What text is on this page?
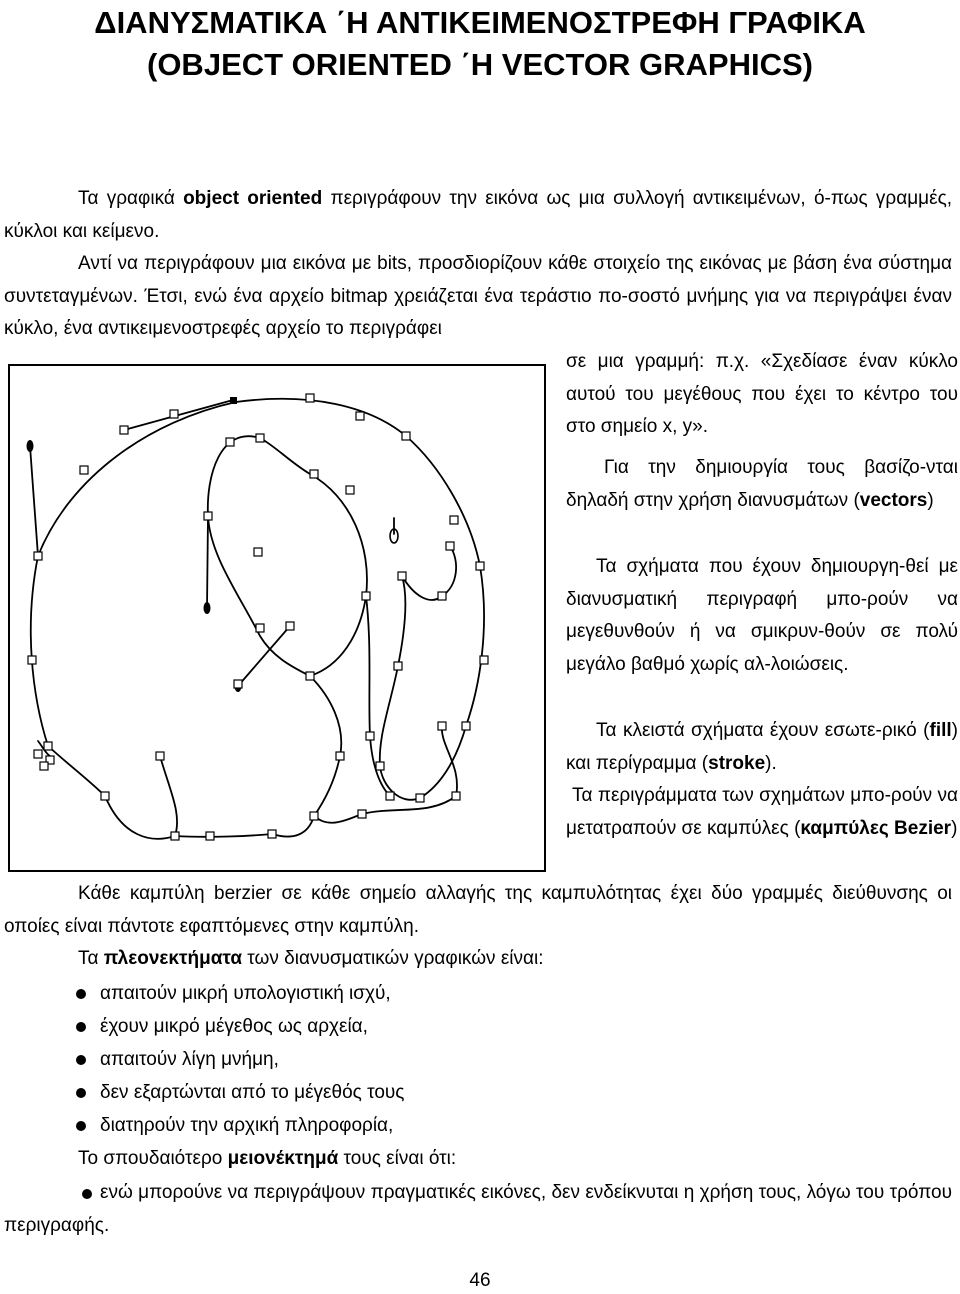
ΔΙΑΝΥΣΜΑΤΙΚΑ ΄Η ΑΝΤΙΚΕΙΜΕΝΟΣΤΡΕΦΗ ΓΡΑΦΙΚΑ
(OBJECT ORIENTED ΄Η VECTOR GRAPHICS)

Τα γραφικά object oriented περιγράφουν την εικόνα ως μια συλλογή αντικειμένων, ό-πως γραμμές, κύκλοι και κείμενο.

Αντί να περιγράφουν μια εικόνα με bits, προσδιορίζουν κάθε στοιχείο της εικόνας με βάση ένα σύστημα συντεταγμένων. Έτσι, ενώ ένα αρχείο bitmap χρειάζεται ένα τεράστιο πο-σοστό μνήμης για να περιγράψει έναν κύκλο, ένα αντικειμενοστρεφές αρχείο το περιγράφει

σε μια γραμμή: π.χ. «Σχεδίασε έναν κύκλο αυτού του μεγέθους που έχει το κέντρο του στο σημείο x, y».

Για την δημιουργία τους βασίζο-νται δηλαδή στην χρήση διανυσμάτων (vectors)

Τα σχήματα που έχουν δημιουργη-θεί με διανυσματική περιγραφή μπο-ρούν να μεγεθυνθούν ή να σμικρυν-θούν σε πολύ μεγάλο βαθμό χωρίς αλ-λοιώσεις.

Τα κλειστά σχήματα έχουν εσωτε-ρικό (fill) και περίγραμμα (stroke).

Τα περιγράμματα των σχημάτων μπο-ρούν να μετατραπούν σε καμπύλες (καμπύλες Bezier)

Κάθε καμπύλη berzier σε κάθε σημείο αλλαγής της καμπυλότητας έχει δύο γραμμές διεύθυνσης οι οποίες είναι πάντοτε εφαπτόμενες στην καμπύλη.

Τα πλεονεκτήματα των διανυσματικών γραφικών είναι:

απαιτούν μικρή υπολογιστική ισχύ,
έχουν μικρό μέγεθος ως αρχεία,
απαιτούν λίγη μνήμη,
δεν εξαρτώνται από το μέγεθός τους
διατηρούν την αρχική πληροφορία,

Το σπουδαιότερο μειονέκτημά τους είναι ότι:

ενώ μπορούνε να περιγράψουν πραγματικές εικόνες, δεν ενδείκνυται η χρήση τους, λόγω του τρόπου περιγραφής.
46
